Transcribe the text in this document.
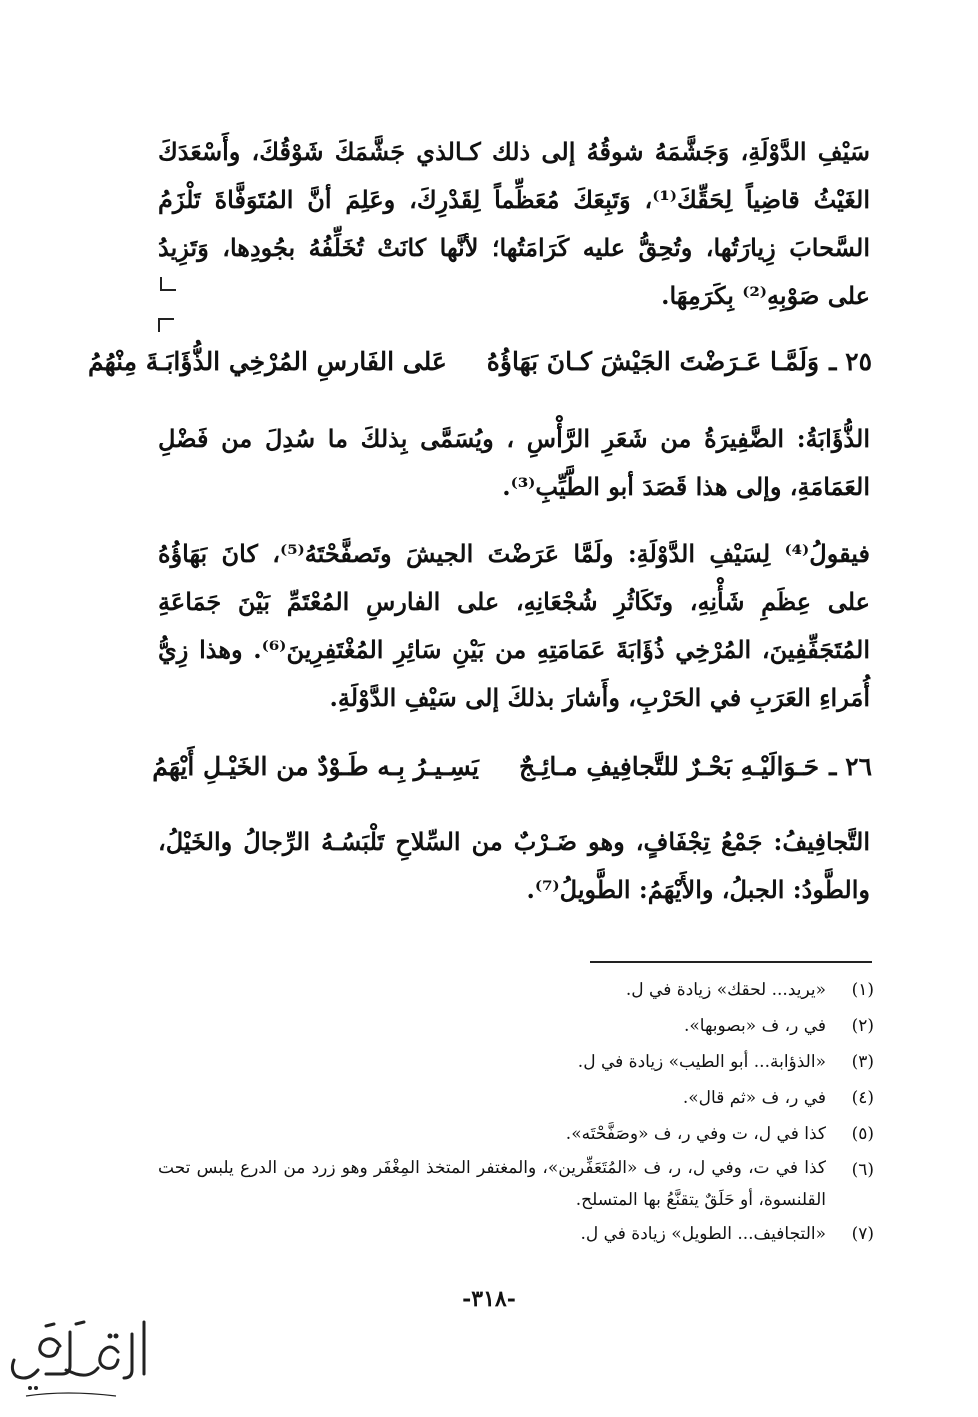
سَيْفِ الدَّوْلَةِ، وَجَشَّمَهُ شوقُهُ إلى ذلك كـالذي جَشَّمَكَ شَوْقُكَ، وأَسْعَدَكَ الغَيْثُ قاضِياً لِحَقِّكَ⁽¹⁾، وَتَبِعَكَ مُعَظِّماً لِقَدْرِكَ، وعَلِمَ أنَّ المُتَوَفَّاةَ تَلْزَمُ السَّحابَ زِيارَتُها، وتُحِقُّ عليه كَرَامَتُها؛ لأنَّها كانَتْ تُخَلِّفُهُ بجُودِها، وَتَزِيدُ على صَوْبِهِ⁽²⁾ بِكَرَمِهَا.
٢٥ ـ
وَلَمَّـا عَـرَضْتَ الجَيْشَ كـانَ بَهَاؤُهُ
عَلى الفَارسِ المُرْخِي الذُّؤَابَـةَ مِنْهُمُ
الذُّؤَابَةُ: الضَّفِيرَةُ من شَعَرِ الرَّأْسِ ، ويُسَمَّى بِذلكَ ما سُدِلَ من فَضْلِ العَمَامَةِ، وإلى هذا قَصَدَ أبو الطَّيِّبِ⁽³⁾.
فيقولُ⁽⁴⁾ لِسَيْفِ الدَّوْلَةِ: ولَمَّا عَرَضْتَ الجيشَ وتَصفَّحْتَهُ⁽⁵⁾، كانَ بَهَاؤُهُ على عِظَمِ شَأْنِهِ، وتَكَاثُرِ شُجْعَانِهِ، على الفارسِ المُعْتَمِّ بَيْنَ جَمَاعَةِ المُتَجَفِّفِينَ، المُرْخِي ذُؤَابَةَ عَمَامَتِهِ من بَيْنِ سَائِرِ المُغْتَفِرِينَ⁽⁶⁾. وهذا زِيُّ أُمَراءِ العَرَبِ في الحَرْبِ، وأَشارَ بذلكَ إلى سَيْفِ الدَّوْلَةِ.
٢٦ ـ
حَـوَالَيْـهِ بَحْـرٌ للتَّجافِيفِ مـائِـجٌ
يَسِـيـرُ بِـه طَـوْدٌ من الخَيْـلِ أَيْهَمُ
التَّجافِيفُ: جَمْعُ تِجْفَافٍ، وهو ضَـرْبٌ من السِّلاحِ تَلْبَسُـهُ الرِّجالُ والخَيْلُ، والطَّودُ: الجبلُ، والأَيْهَمُ: الطَّويلُ⁽⁷⁾.
(١)
«يريد... لحقك» زيادة في ل.
(٢)
في ر، ف «بصوبها».
(٣)
«الذؤابة... أبو الطيب» زيادة في ل.
(٤)
في ر، ف «ثم قال».
(٥)
كذا في ل، ت وفي ر، ف «وصَفَّحْتَه».
(٦)
كذا في ت، وفي ل، ر، ف «المُتَعَفِّرين»، والمغتفر المتخذ المِغْفَر وهو زرد من الدرع يلبس تحت القلنسوة، أو حَلَقٌ يتقنَّعُ بها المتسلح.
(٧)
«التجافيف... الطويل» زيادة في ل.
-٣١٨-
